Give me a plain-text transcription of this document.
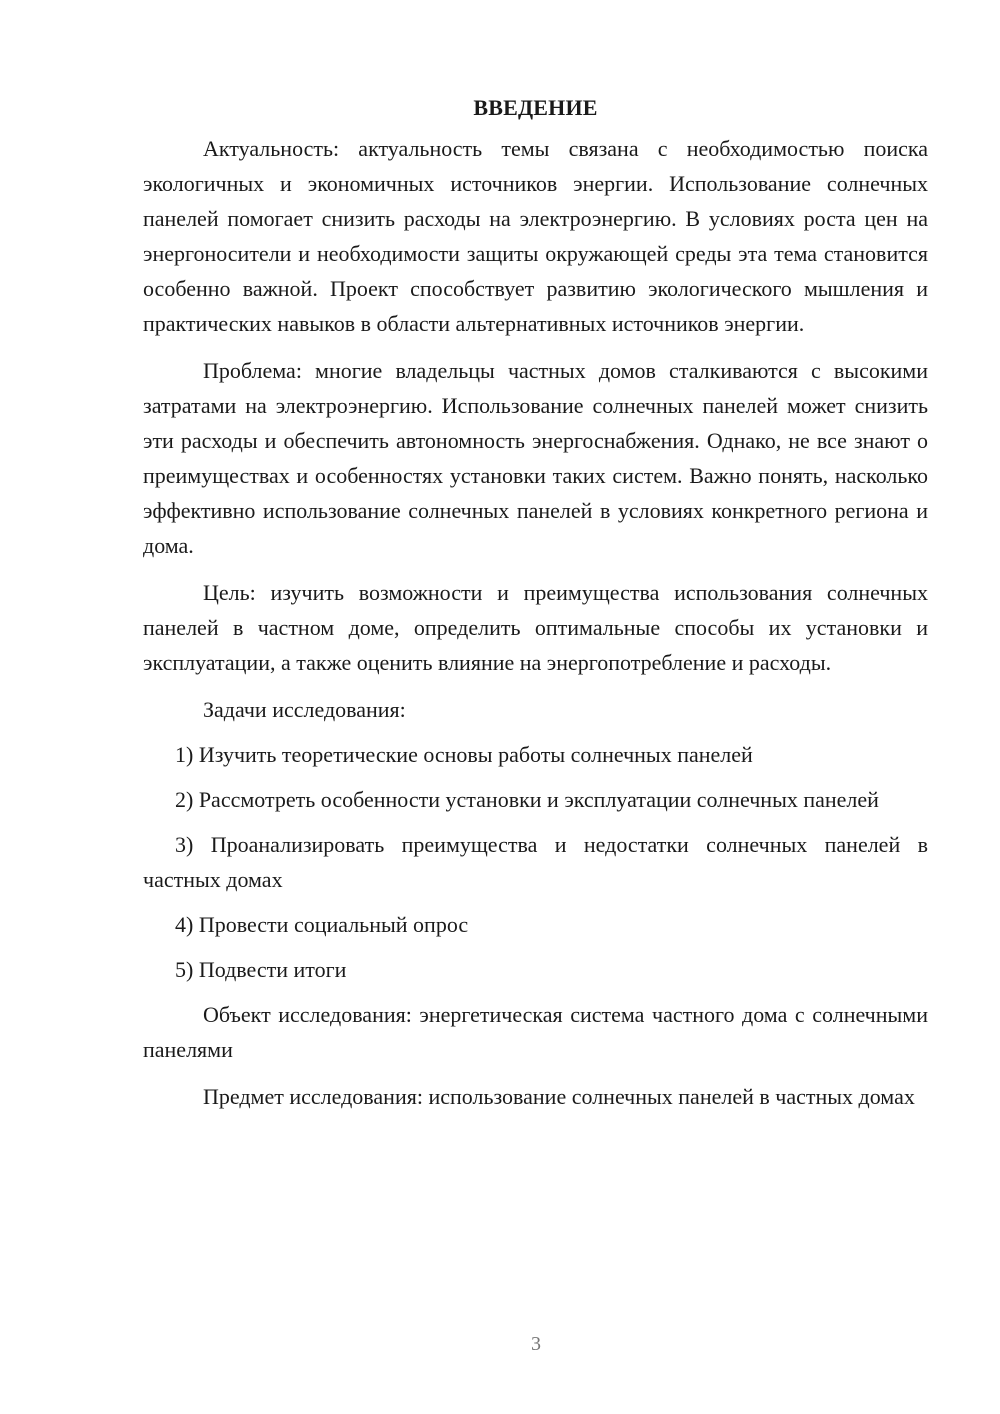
ВВЕДЕНИЕ

Актуальность: актуальность темы связана с необходимостью поиска экологичных и экономичных источников энергии. Использование солнечных панелей помогает снизить расходы на электроэнергию. В условиях роста цен на энергоносители и необходимости защиты окружающей среды эта тема становится особенно важной. Проект способствует развитию экологического мышления и практических навыков в области альтернативных источников энергии.

Проблема: многие владельцы частных домов сталкиваются с высокими затратами на электроэнергию. Использование солнечных панелей может снизить эти расходы и обеспечить автономность энергоснабжения. Однако, не все знают о преимуществах и особенностях установки таких систем. Важно понять, насколько эффективно использование солнечных панелей в условиях конкретного региона и дома.

Цель: изучить возможности и преимущества использования солнечных панелей в частном доме, определить оптимальные способы их установки и эксплуатации, а также оценить влияние на энергопотребление и расходы.

Задачи исследования:

1) Изучить теоретические основы работы солнечных панелей

2) Рассмотреть особенности установки и эксплуатации солнечных панелей

3) Проанализировать преимущества и недостатки солнечных панелей в частных домах

4) Провести социальный опрос

5) Подвести итоги

Объект исследования: энергетическая система частного дома с солнечными панелями

Предмет исследования: использование солнечных панелей в частных домах

3
